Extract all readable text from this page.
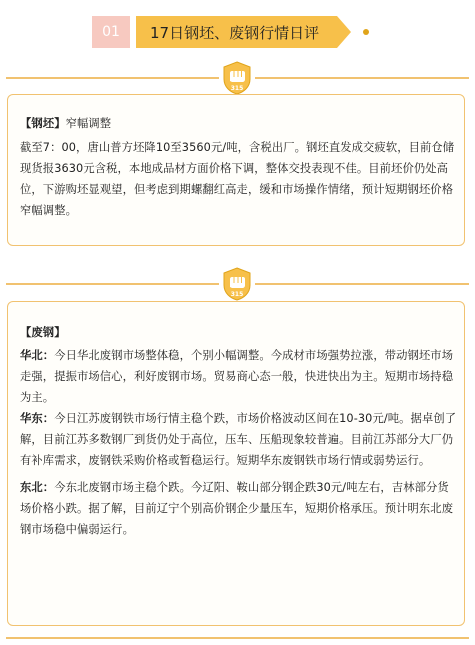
01	17日钢坯、废钢行情日评
315

【钢坯】窄幅调整

截至7：00，唐山普方坯降10至3560元/吨，含税出厂。钢坯直发成交疲软，目前仓储现货报3630元含税，本地成品材方面价格下调，整体交投表现不佳。目前坯价仍处高位，下游购坯显观望，但考虑到期螺翻红高走，缓和市场操作情绪，预计短期钢坯价格窄幅调整。

315

【废钢】

华北：今日华北废钢市场整体稳，个别小幅调整。今成材市场强势拉涨，带动钢坯市场走强，提振市场信心，利好废钢市场。贸易商心态一般，快进快出为主。短期市场持稳为主。

华东：今日江苏废钢铁市场行情主稳个跌，市场价格波动区间在10-30元/吨。据卓创了解，目前江苏多数钢厂到货仍处于高位，压车、压船现象较普遍。目前江苏部分大厂仍有补库需求，废钢铁采购价格或暂稳运行。短期华东废钢铁市场行情或弱势运行。

东北：今东北废钢市场主稳个跌。今辽阳、鞍山部分钢企跌30元/吨左右，吉林部分货场价格小跌。据了解，目前辽宁个别高价钢企少量压车，短期价格承压。预计明东北废钢市场稳中偏弱运行。
